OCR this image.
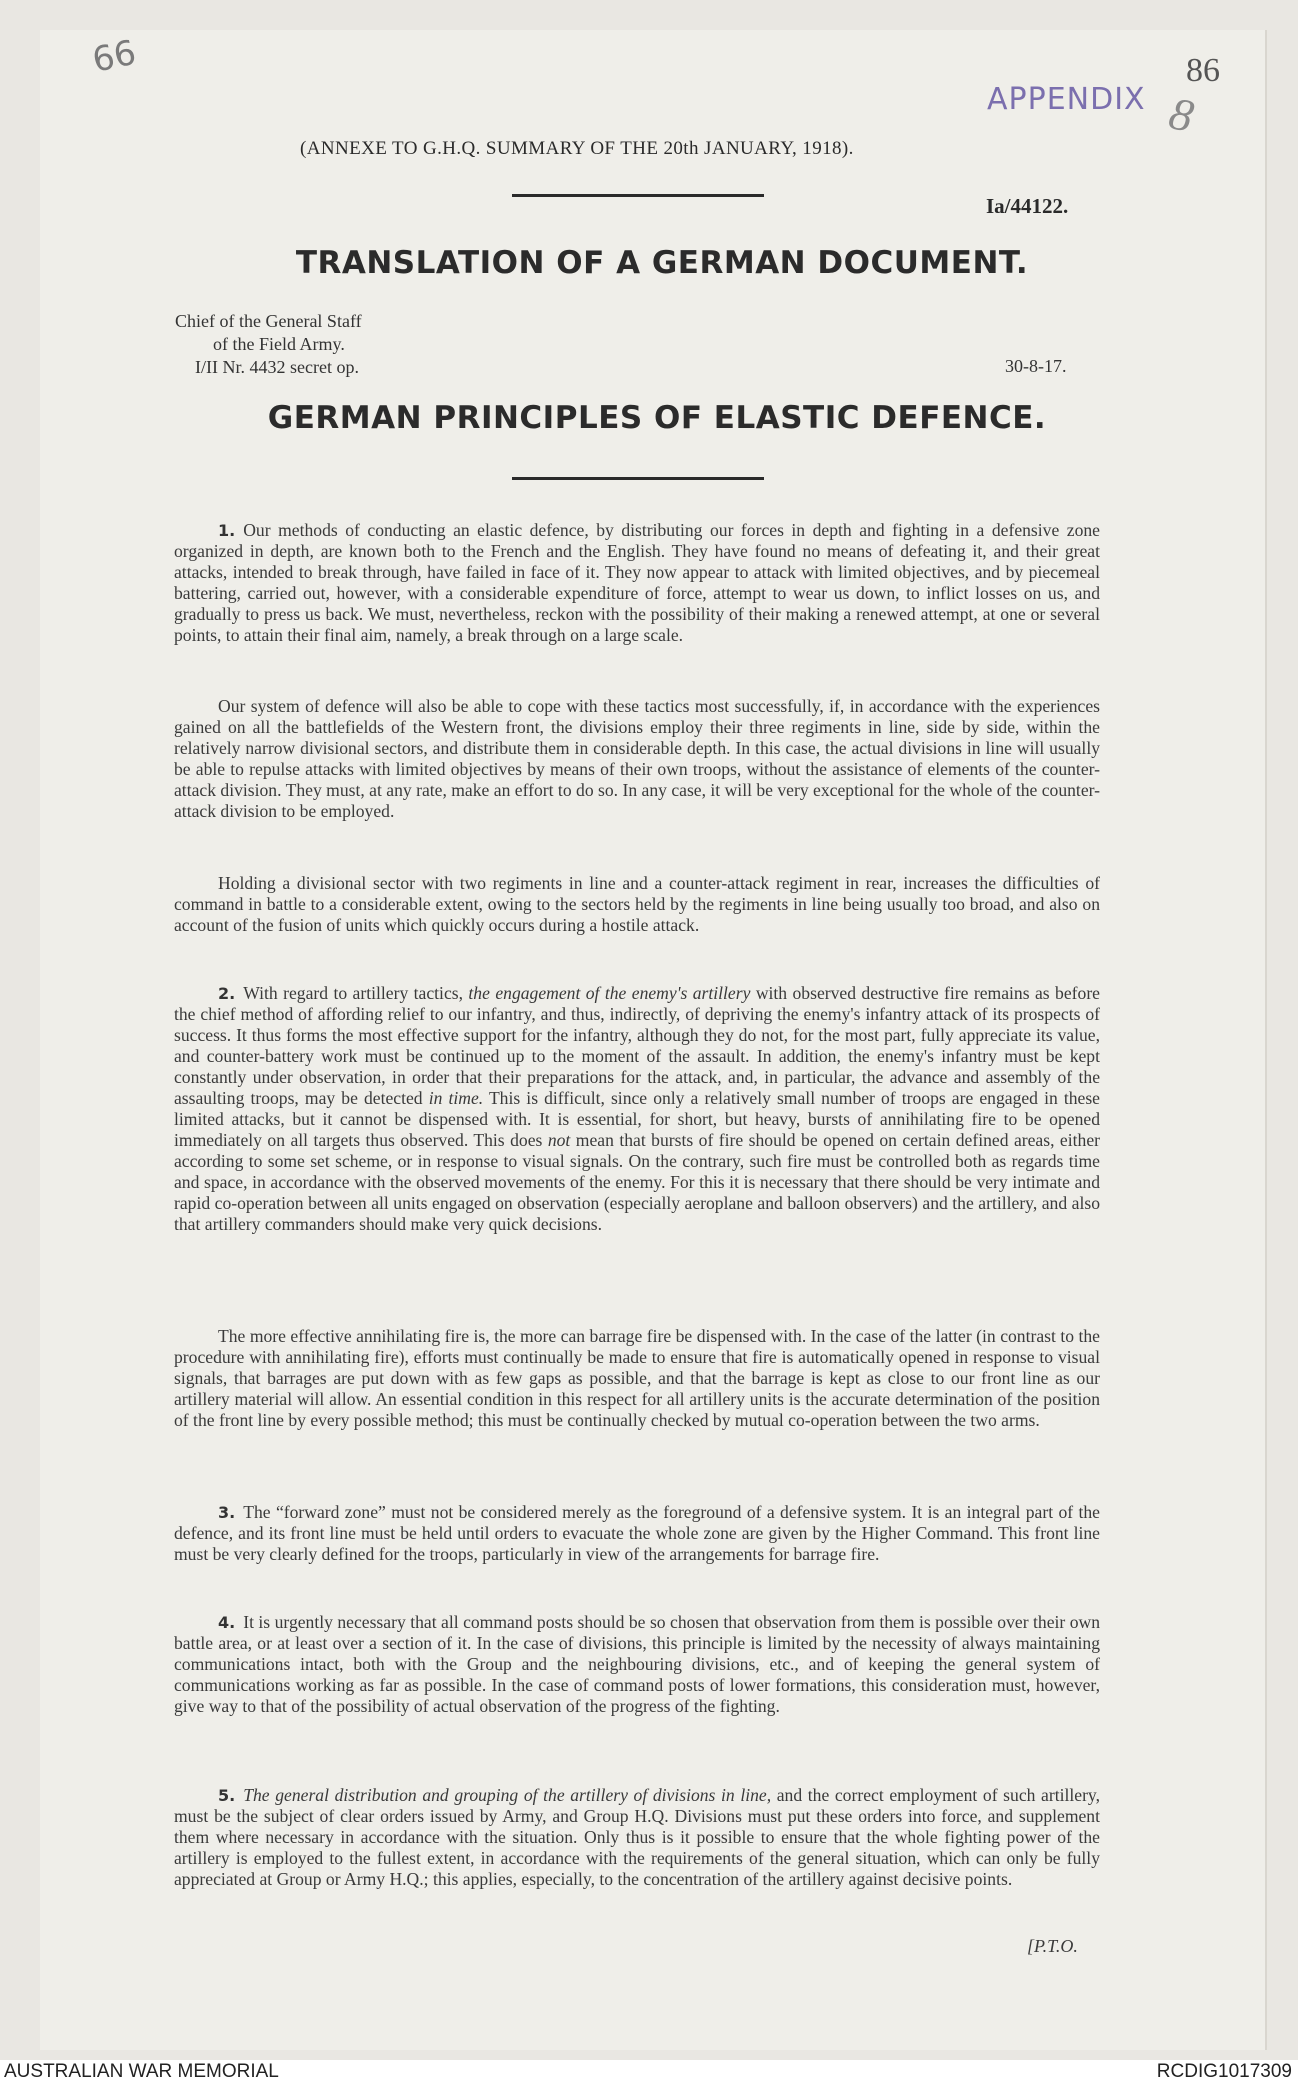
99	86
APPENDIX 8
(ANNEXE TO G.H.Q. SUMMARY OF THE 20th JANUARY, 1918).
Ia/44122.
TRANSLATION OF A GERMAN DOCUMENT.
Chief of the General Staff
of the Field Army.
I/II Nr. 4432 secret op.	30-8-17.
GERMAN PRINCIPLES OF ELASTIC DEFENCE.

1. Our methods of conducting an elastic defence, by distributing our forces in depth and fighting in a defensive zone organized in depth, are known both to the French and the English. They have found no means of defeating it, and their great attacks, intended to break through, have failed in face of it. They now appear to attack with limited objectives, and by piecemeal battering, carried out, however, with a considerable expenditure of force, attempt to wear us down, to inflict losses on us, and gradually to press us back. We must, nevertheless, reckon with the possibility of their making a renewed attempt, at one or several points, to attain their final aim, namely, a break through on a large scale.

Our system of defence will also be able to cope with these tactics most successfully, if, in accordance with the experiences gained on all the battlefields of the Western front, the divisions employ their three regiments in line, side by side, within the relatively narrow divisional sectors, and distribute them in considerable depth. In this case, the actual divisions in line will usually be able to repulse attacks with limited objectives by means of their own troops, without the assistance of elements of the counter-attack division. They must, at any rate, make an effort to do so. In any case, it will be very exceptional for the whole of the counter-attack division to be employed.

Holding a divisional sector with two regiments in line and a counter-attack regiment in rear, increases the difficulties of command in battle to a considerable extent, owing to the sectors held by the regiments in line being usually too broad, and also on account of the fusion of units which quickly occurs during a hostile attack.

2. With regard to artillery tactics, the engagement of the enemy's artillery with observed destructive fire remains as before the chief method of affording relief to our infantry, and thus, indirectly, of depriving the enemy's infantry attack of its prospects of success. It thus forms the most effective support for the infantry, although they do not, for the most part, fully appreciate its value, and counter-battery work must be continued up to the moment of the assault. In addition, the enemy's infantry must be kept constantly under observation, in order that their preparations for the attack, and, in particular, the advance and assembly of the assaulting troops, may be detected in time. This is difficult, since only a relatively small number of troops are engaged in these limited attacks, but it cannot be dispensed with. It is essential, for short, but heavy, bursts of annihilating fire to be opened immediately on all targets thus observed. This does not mean that bursts of fire should be opened on certain defined areas, either according to some set scheme, or in response to visual signals. On the contrary, such fire must be controlled both as regards time and space, in accordance with the observed movements of the enemy. For this it is necessary that there should be very intimate and rapid co-operation between all units engaged on observation (especially aeroplane and balloon observers) and the artillery, and also that artillery commanders should make very quick decisions.

The more effective annihilating fire is, the more can barrage fire be dispensed with. In the case of the latter (in contrast to the procedure with annihilating fire), efforts must continually be made to ensure that fire is automatically opened in response to visual signals, that barrages are put down with as few gaps as possible, and that the barrage is kept as close to our front line as our artillery material will allow. An essential condition in this respect for all artillery units is the accurate determination of the position of the front line by every possible method; this must be continually checked by mutual co-operation between the two arms.

3. The “forward zone” must not be considered merely as the foreground of a defensive system. It is an integral part of the defence, and its front line must be held until orders to evacuate the whole zone are given by the Higher Command. This front line must be very clearly defined for the troops, particularly in view of the arrangements for barrage fire.

4. It is urgently necessary that all command posts should be so chosen that observation from them is possible over their own battle area, or at least over a section of it. In the case of divisions, this principle is limited by the necessity of always maintaining communications intact, both with the Group and the neighbouring divisions, etc., and of keeping the general system of communications working as far as possible. In the case of command posts of lower formations, this consideration must, however, give way to that of the possibility of actual observation of the progress of the fighting.

5. The general distribution and grouping of the artillery of divisions in line, and the correct employment of such artillery, must be the subject of clear orders issued by Army, and Group H.Q. Divisions must put these orders into force, and supplement them where necessary in accordance with the situation. Only thus is it possible to ensure that the whole fighting power of the artillery is employed to the fullest extent, in accordance with the requirements of the general situation, which can only be fully appreciated at Group or Army H.Q.; this applies, especially, to the concentration of the artillery against decisive points.

[P.T.O.
AUSTRALIAN WAR MEMORIAL	RCDIG1017309
